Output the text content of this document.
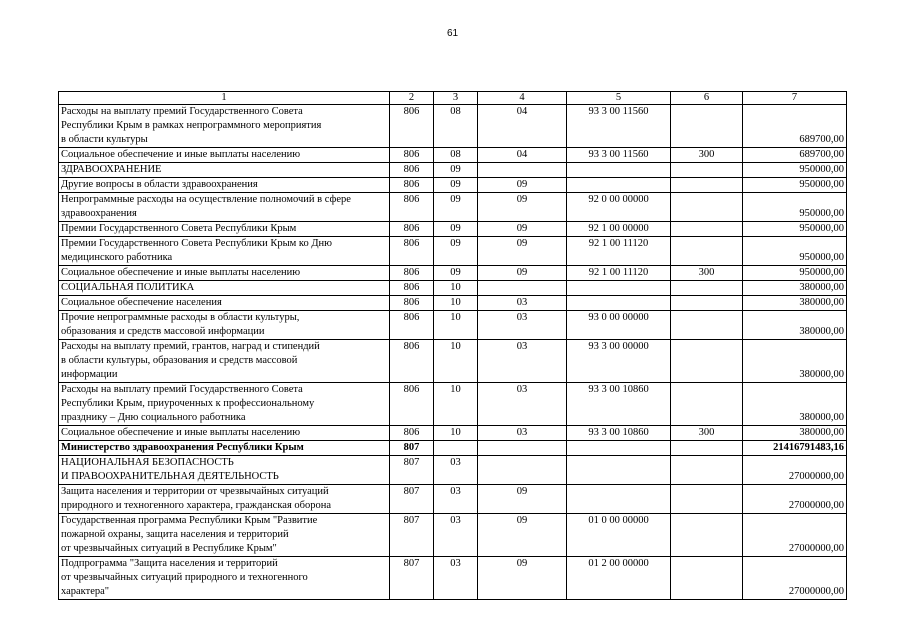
61
1	2	3	4	5	6	7
Расходы на выплату премий Государственного Совета
Республики Крым в рамках непрограммного мероприятия
в области культуры	806	08	04	93 3 00 11560		689700,00
Социальное обеспечение и иные выплаты населению	806	08	04	93 3 00 11560	300	689700,00
ЗДРАВООХРАНЕНИЕ	806	09				950000,00
Другие вопросы в области здравоохранения	806	09	09			950000,00
Непрограммные расходы на осуществление полномочий в сфере
здравоохранения	806	09	09	92 0 00 00000		950000,00
Премии Государственного Совета Республики Крым	806	09	09	92 1 00 00000		950000,00
Премии Государственного Совета Республики Крым ко Дню
медицинского работника	806	09	09	92 1 00 11120		950000,00
Социальное обеспечение и иные выплаты населению	806	09	09	92 1 00 11120	300	950000,00
СОЦИАЛЬНАЯ ПОЛИТИКА	806	10				380000,00
Социальное обеспечение населения	806	10	03			380000,00
Прочие непрограммные расходы в области культуры,
образования и средств массовой информации	806	10	03	93 0 00 00000		380000,00
Расходы на выплату премий, грантов, наград и стипендий
в области культуры, образования и средств массовой
информации	806	10	03	93 3 00 00000		380000,00
Расходы на выплату премий Государственного Совета
Республики Крым, приуроченных к профессиональному
празднику – Дню социального работника	806	10	03	93 3 00 10860		380000,00
Социальное обеспечение и иные выплаты населению	806	10	03	93 3 00 10860	300	380000,00
Министерство здравоохранения Республики Крым	807					21416791483,16
НАЦИОНАЛЬНАЯ БЕЗОПАСНОСТЬ
И ПРАВООХРАНИТЕЛЬНАЯ ДЕЯТЕЛЬНОСТЬ	807	03				27000000,00
Защита населения и территории от чрезвычайных ситуаций
природного и техногенного характера, гражданская оборона	807	03	09			27000000,00
Государственная программа Республики Крым "Развитие
пожарной охраны, защита населения и территорий
от чрезвычайных ситуаций в Республике Крым"	807	03	09	01 0 00 00000		27000000,00
Подпрограмма "Защита населения и территорий
от чрезвычайных ситуаций природного и техногенного
характера"	807	03	09	01 2 00 00000		27000000,00
